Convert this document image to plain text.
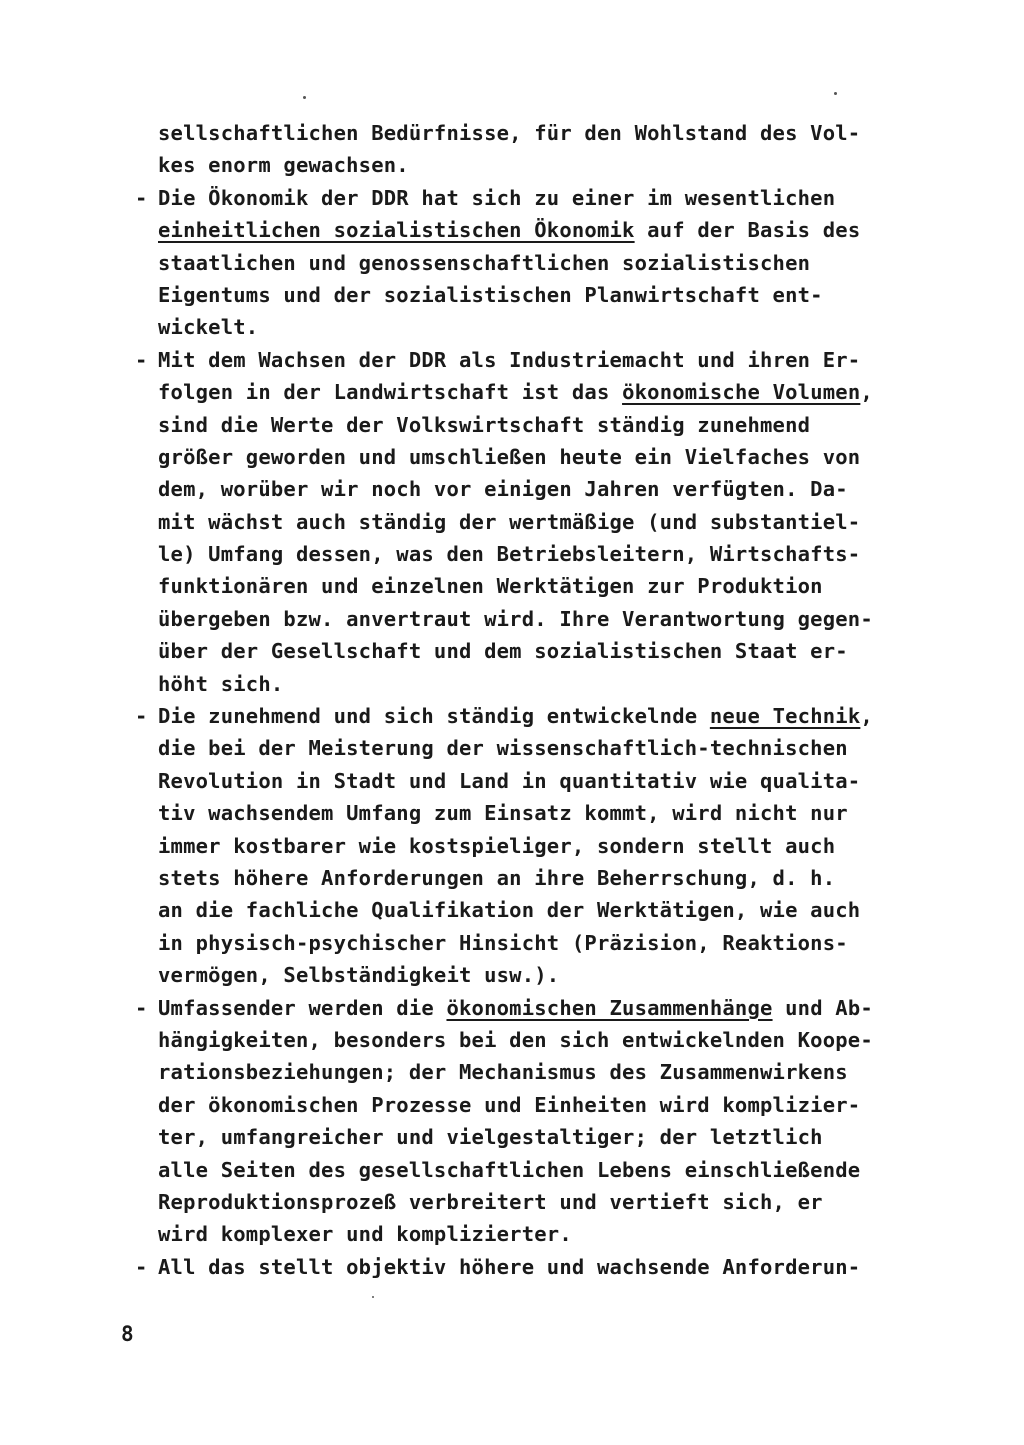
sellschaftlichen Bedürfnisse, für den Wohlstand des Vol-
kes enorm gewachsen.
- Die Ökonomik der DDR hat sich zu einer im wesentlichen
einheitlichen sozialistischen Ökonomik auf der Basis des
staatlichen und genossenschaftlichen sozialistischen
Eigentums und der sozialistischen Planwirtschaft ent-
wickelt.
- Mit dem Wachsen der DDR als Industriemacht und ihren Er-
folgen in der Landwirtschaft ist das ökonomische Volumen,
sind die Werte der Volkswirtschaft ständig zunehmend
größer geworden und umschließen heute ein Vielfaches von
dem, worüber wir noch vor einigen Jahren verfügten. Da-
mit wächst auch ständig der wertmäßige (und substantiel-
le) Umfang dessen, was den Betriebsleitern, Wirtschafts-
funktionären und einzelnen Werktätigen zur Produktion
übergeben bzw. anvertraut wird. Ihre Verantwortung gegen-
über der Gesellschaft und dem sozialistischen Staat er-
höht sich.
- Die zunehmend und sich ständig entwickelnde neue Technik,
die bei der Meisterung der wissenschaftlich-technischen
Revolution in Stadt und Land in quantitativ wie qualita-
tiv wachsendem Umfang zum Einsatz kommt, wird nicht nur
immer kostbarer wie kostspieliger, sondern stellt auch
stets höhere Anforderungen an ihre Beherrschung, d. h.
an die fachliche Qualifikation der Werktätigen, wie auch
in physisch-psychischer Hinsicht (Präzision, Reaktions-
vermögen, Selbständigkeit usw.).
- Umfassender werden die ökonomischen Zusammenhänge und Ab-
hängigkeiten, besonders bei den sich entwickelnden Koope-
rationsbeziehungen; der Mechanismus des Zusammenwirkens
der ökonomischen Prozesse und Einheiten wird komplizier-
ter, umfangreicher und vielgestaltiger; der letztlich
alle Seiten des gesellschaftlichen Lebens einschließende
Reproduktionsprozeß verbreitert und vertieft sich, er
wird komplexer und komplizierter.
- All das stellt objektiv höhere und wachsende Anforderun-
8
